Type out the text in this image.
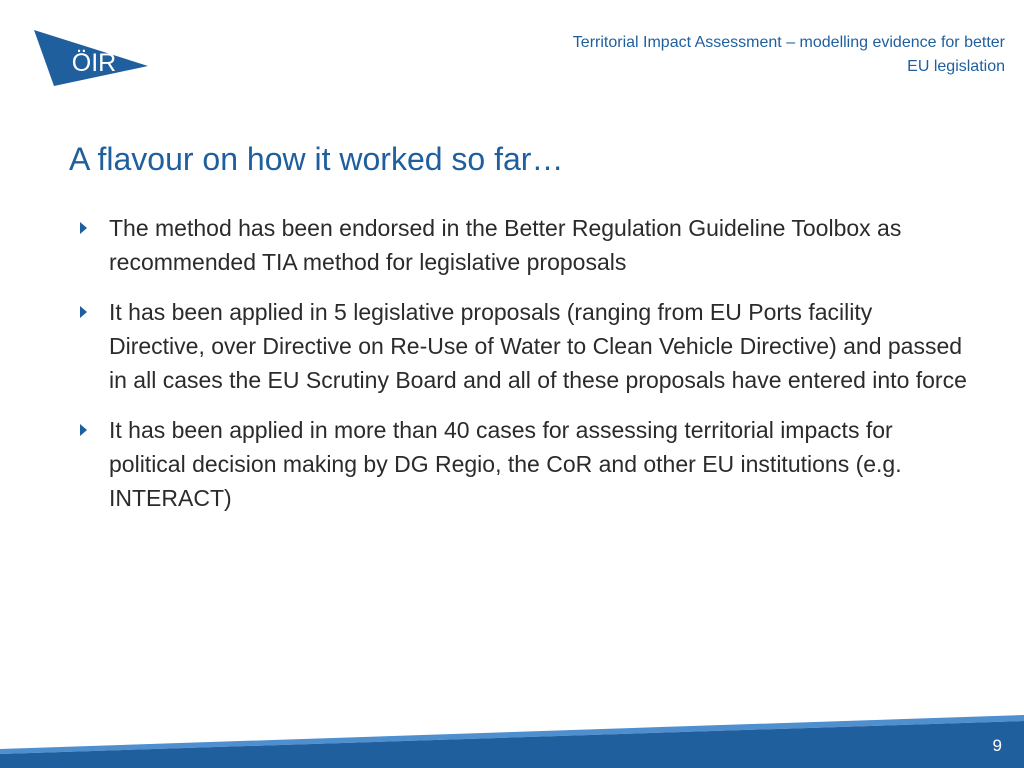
ÖIR
Territorial Impact Assessment – modelling evidence for better
EU legislation
A flavour on how it worked so far…
The method has been endorsed in the Better Regulation Guideline Toolbox as recommended TIA method for legislative proposals
It has been applied in 5 legislative proposals (ranging from EU Ports facility Directive, over Directive on Re-Use of Water to Clean Vehicle Directive) and passed in all cases the EU Scrutiny Board and all of these proposals have entered into force
It has been applied in more than 40 cases for assessing territorial impacts for political decision making by DG Regio, the CoR and other EU institutions (e.g. INTERACT)
9
